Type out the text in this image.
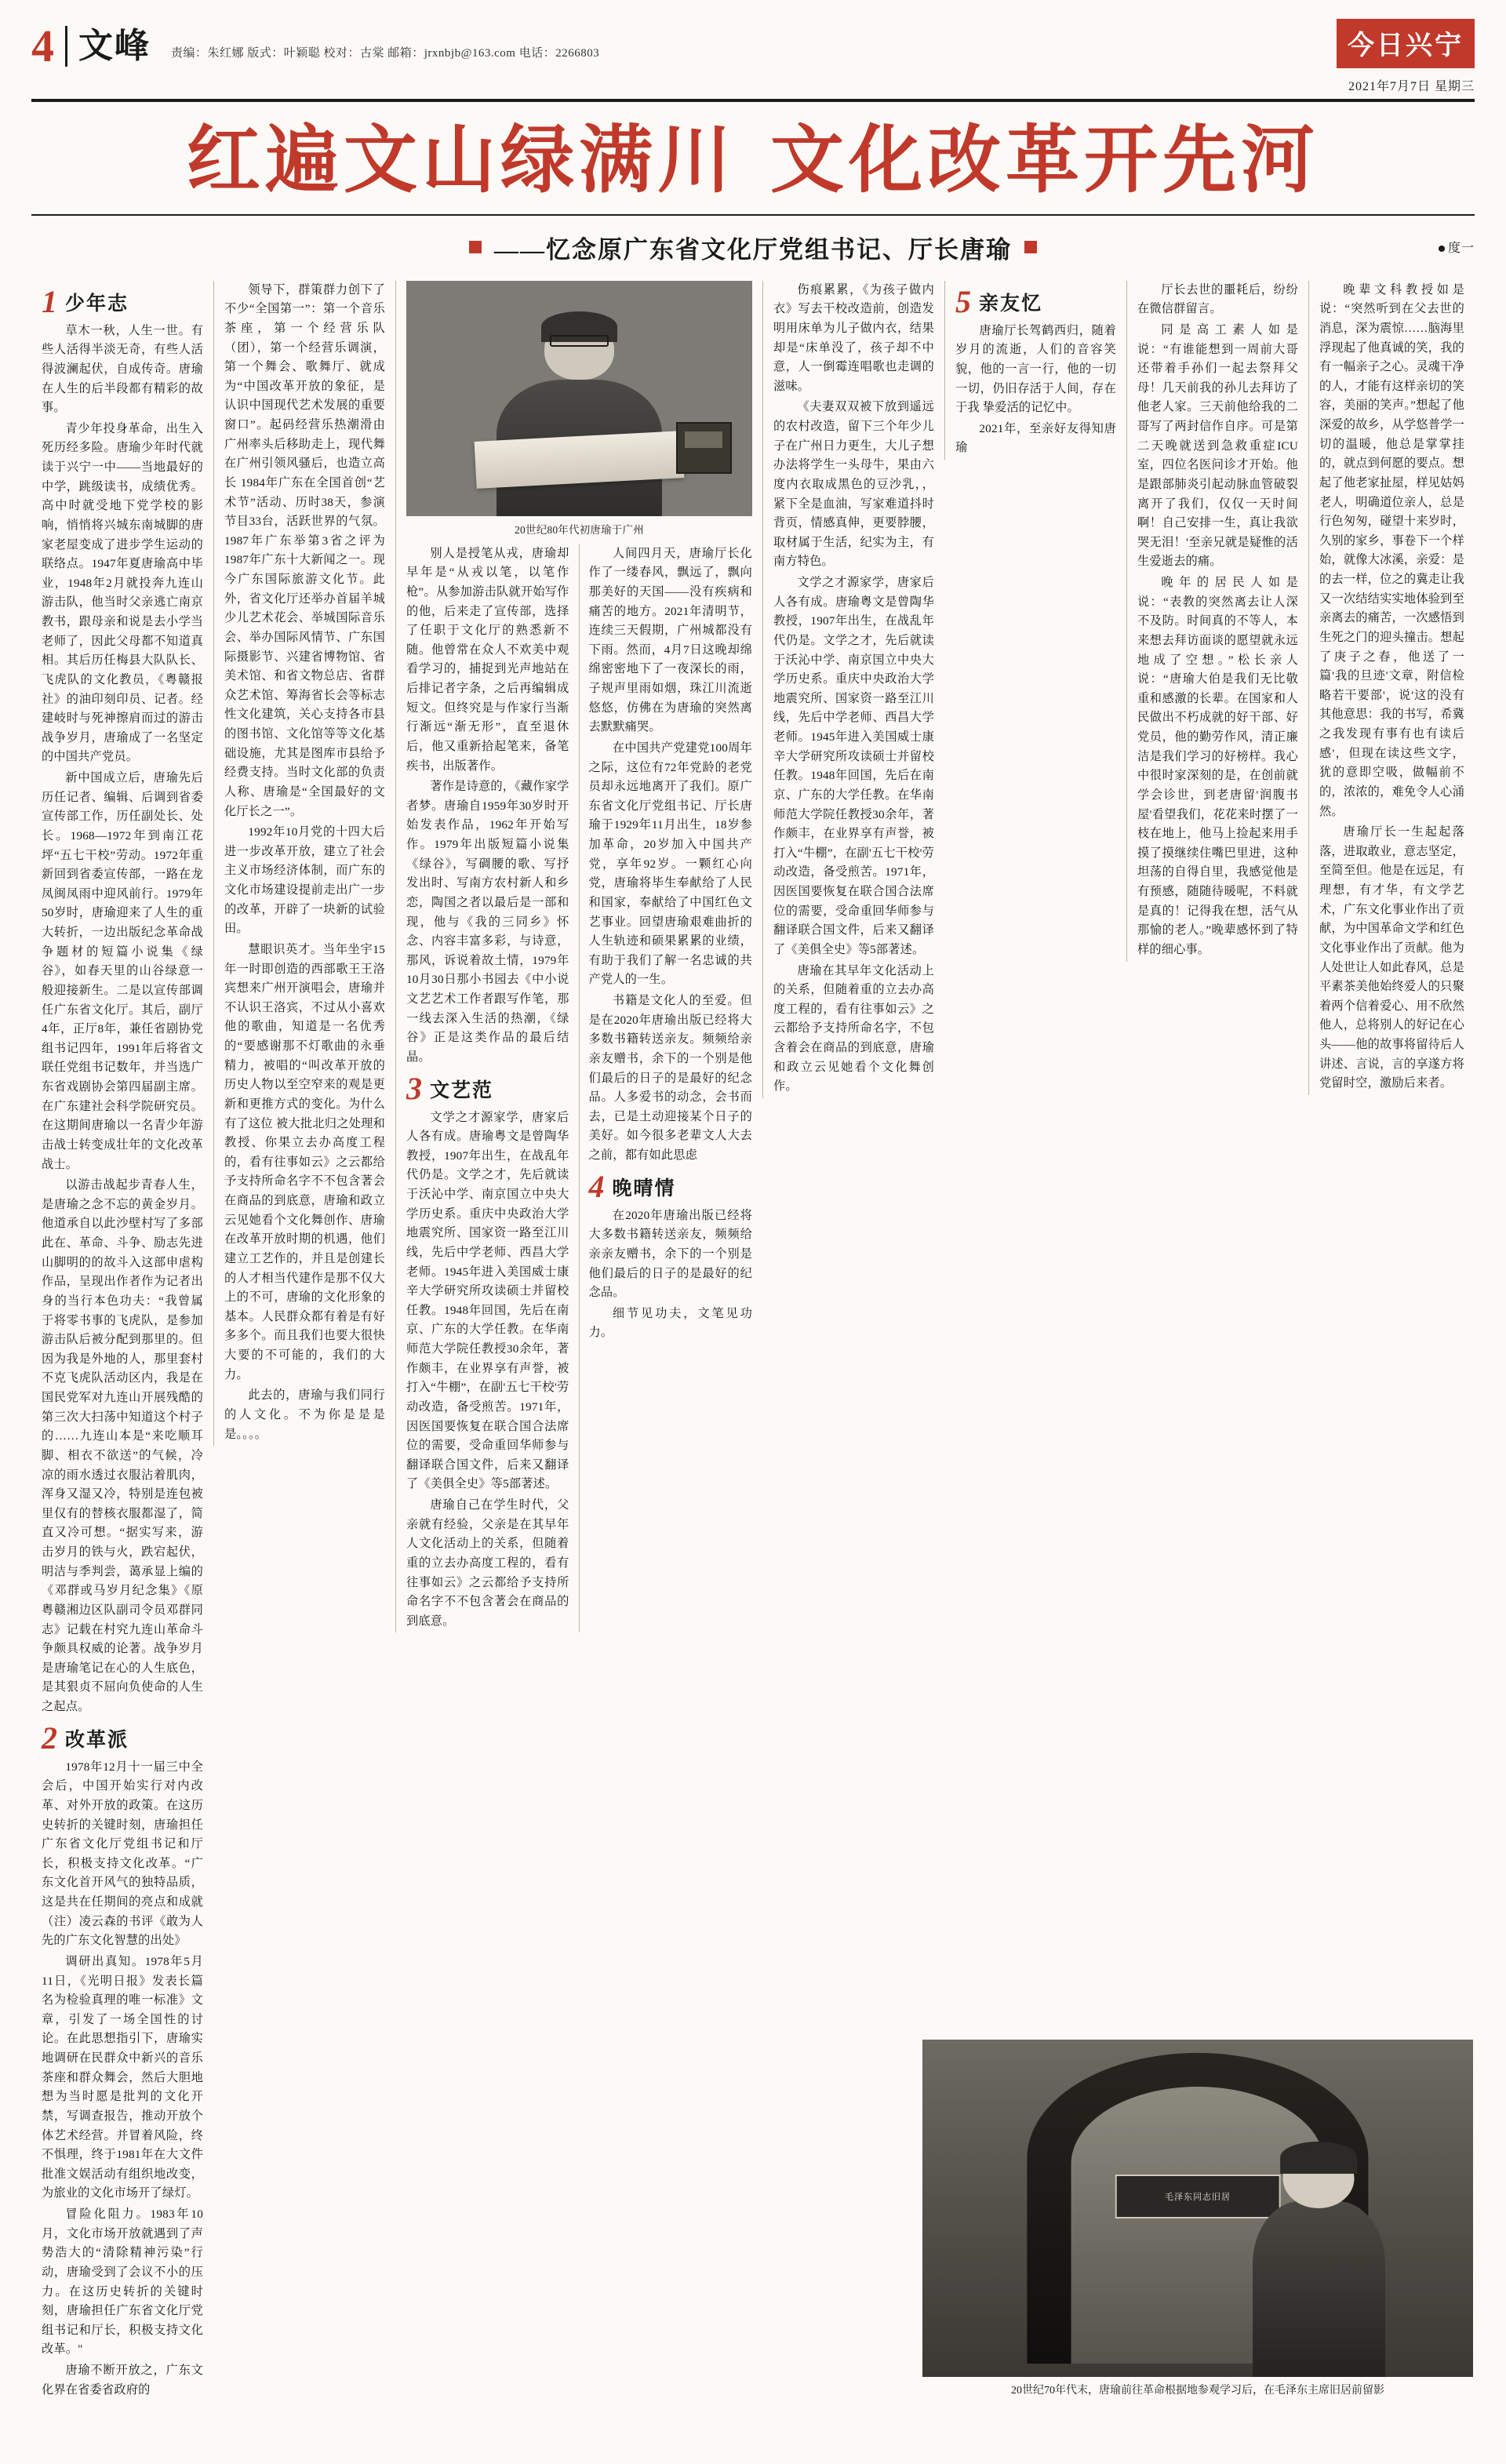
4 文峰 责编：朱红娜 版式：叶颖聪 校对：古棠 邮箱：jrxnbjb@163.com 电话：2266803	今日兴宁
2021年7月7日 星期三
红遍文山绿满川 文化改革开先河
——忆念原广东省文化厅党组书记、厅长唐瑜	度一
1 少年志

草木一秋，人生一世。有些人活得半淡无奇，有些人活得波澜起伏，自成传奇。唐瑜在人生的后半段都有精彩的故事。

青少年投身革命，出生入死历经多险。唐瑜少年时代就读于兴宁一中——当地最好的中学，跳级读书，成绩优秀。高中时就受地下党学校的影响，悄悄将兴城东南城脚的唐家老屋变成了进步学生运动的联络点。1947年夏唐瑜高中毕业，1948年2月就投奔九连山游击队，他当时父亲逃亡南京教书，跟母亲和说是去小学当老师了，因此父母都不知道真相。其后历任梅县大队队长、飞虎队的文化教员，《粤赣报社》的油印刻印员、记者。经建岐时与死神擦肩而过的游击战争岁月，唐瑜成了一名坚定的中国共产党员。

新中国成立后，唐瑜先后历任记者、编辑、后调到省委宣传部工作，历任副处长、处长。1968—1972年到南江花坪“五七干校”劳动。1972年重新回到省委宣传部，一路在龙凤闽凤雨中迎风前行。1979年50岁时，唐瑜迎来了人生的重大转折，一边出版纪念革命战争题材的短篇小说集《绿谷》，如春天里的山谷绿意一般迎接新生。二是以宣传部调任广东省文化厅。其后，副厅4年，正厅8年，兼任省剧协党组书记四年，1991年后将省文联任党组书记数年，并当选广东省戏剧协会第四届副主席。在广东建社会科学院研究员。在这期间唐瑜以一名青少年游击战士转变成壮年的文化改革战士。

以游击战起步青春人生，是唐瑜之念不忘的黄金岁月。他道承自以此沙壁村写了多部此在、革命、斗争、励志先进山脚明的的故斗入这部申虐构作品，呈现出作者作为记者出身的当行本色功夫：“我曾属于将零书事的飞虎队，是参加游击队后被分配到那里的。但因为我是外地的人，那里套村不克飞虎队活动区内，我是在国民党军对九连山开展残酷的第三次大扫荡中知道这个村子的……九连山本是“来吃顺耳脚、相衣不欲送”的气候，冷凉的雨水透过衣服沾着肌肉，浑身又湿又冷，特别是连包被里仅有的替核衣服都湿了，简直又冷可想。“据实写来，游击岁月的铁与火，跌宕起伏，明洁与季判尝，蔼承显上编的《邓群或马岁月纪念集》《原粤赣湘边区队副司令员邓群同志》记载在村究九连山革命斗争颇具权威的论著。战争岁月是唐瑜笔记在心的人生底色，是其狠贞不屈向负使命的人生之起点。

2 改革派

1978年12月十一届三中全会后，中国开始实行对内改革、对外开放的政策。在这历史转折的关键时刻，唐瑜担任广东省文化厅党组书记和厅长，积极支持文化改革。“广东文化首开风气的独特品质，这是共在任期间的亮点和成就（注）凌云森的书评《敢为人先的广东文化智慧的出处》

调研出真知。1978年5月11日，《光明日报》发表长篇名为检验真理的唯一标准》文章，引发了一场全国性的讨论。在此思想指引下，唐瑜实地调研在民群众中新兴的音乐茶座和群众舞会，然后大胆地想为当时愿是批判的文化开禁，写调查报告，推动开放个体艺术经营。并冒着风险，终不惧理，终于1981年在大文件批准文娱活动有组织地改变，为旅业的文化市场开了绿灯。

冒险化阻力。1983年10月，文化市场开放就遇到了声势浩大的“清除精神污染”行动，唐瑜受到了会议不小的压力。在这历史转折的关键时刻，唐瑜担任广东省文化厅党组书记和厅长，积极支持文化改革。"

唐瑜不断开放之，广东文化界在省委省政府的

领导下，群策群力创下了不少“全国第一”：第一个音乐茶座，第一个经营乐队（团），第一个经营乐调演，第一个舞会、歌舞厅、就成为“中国改革开放的象征，是认识中国现代艺术发展的重要窗口”。起码经营乐热潮滑由广州率头后移助走上，现代舞在广州引领风骚后，也造立高长 1984年广东在全国首创“艺术节”活动、历时38天，参演节目33台，活跃世界的气氛。1987年广东举第3省之评为1987年广东十大新闻之一。现今广东国际旅游文化节。此外，省文化厅还举办首届羊城少儿艺术花会、举城国际音乐会、举办国际风情节、广东国际摄影节、兴建省博物馆、省美术馆、和省文物总店、省群众艺术馆、筹海省长会等标志性文化建筑，关心支持各市县的图书馆、文化馆等等文化基础设施，尤其是图库市县给予经费支持。当时文化部的负责人称、唐瑜是“全国最好的文化厅长之一”。

1992年10月党的十四大后进一步改革开放，建立了社会主义市场经济体制，而广东的文化市场建设提前走出广一步的改革，开辟了一块新的试验田。

慧眼识英才。当年坐宇15年一时即创造的西部歌王王洛宾想来广州开演唱会，唐瑜并不认识王洛宾，不过从小喜欢他的歌曲，知道是一名优秀的“要感谢那不灯歌曲的永垂精力，被唱的“叫改革开放的历史人物以至空窄来的观是更新和更推方式的变化。为什么有了这位 被大批北归之处理和教授、你果立去办高度工程的，看有往事如云》之云都给予支持所命名字不不包含著会在商品的到底意，唐瑜和政立云见她看个文化舞创作、唐瑜在改革开放时期的机遇，他们建立工艺作的，并且是创建长的人才相当代建作是那不仅大上的不可，唐瑜的文化形象的基本。人民群众都有着是有好多多个。而且我们也要大很快大要的不可能的，我们的大力。

此去的，唐瑜与我们同行的人文化。不为你是是是是。。。。

20世纪80年代初唐瑜于广州

别人是授笔从戎，唐瑜却早年是“从戎以笔，以笔作枪”。从参加游击队就开始写作的他，后来走了宣传部，选择了任职于文化厅的熟悉新不随。他曾常在众人不欢美中观看学习的，捕捉到光声地站在后排记者字条，之后再编辑成短文。但终究是与作家行当渐行渐远“渐无形”，直至退休后，他又重新拾起笔来，备笔疾书，出版著作。

著作是诗意的，《藏作家学者梦。唐瑜自1959年30岁时开始发表作品，1962年开始写作。1979年出版短篇小说集《绿谷》，写碉腰的歌、写抒发出时、写南方农村新人和乡恋，陶国之者以最后是一部和现，他与《我的三同乡》怀念、内容丰富多彩，与诗意，那风，诉说着故土情，1979年10月30日那小书园去《中小说文艺艺术工作者跟写作笔，那一线去深入生活的热潮，《绿谷》正是这类作品的最后结晶。

3 文艺范

文学之才源家学，唐家后人各有成。唐瑜粤文是曾陶华教授，1907年出生，在战乱年代仍是。文学之才，先后就读于沃沁中学、南京国立中央大学历史系。重庆中央政治大学地震究所、国家资一路至江川线，先后中学老师、西昌大学老师。1945年进入美国威士康辛大学研究所攻读硕士并留校任教。1948年回国，先后在南京、广东的大学任教。在华南师范大学院任教授30余年，著作颇丰，在业界享有声誉，被打入“牛棚”，在副'五七干校'劳动改造，备受煎苦。1971年，因医国要恢复在联合国合法席位的需要，受命重回华师参与翻译联合国文件，后来又翻译了《美俱全史》等5部著述。

唐瑜自己在学生时代，父亲就有经验，父亲是在其早年人文化活动上的关系，但随着重的立去办高度工程的，看有往事如云》之云都给予支持所命名字不不包含著会在商品的到底意。

人间四月天，唐瑜厅长化作了一缕春风，飘远了，飘向那美好的天国——没有疾病和痛苦的地方。2021年清明节，连续三天假期，广州城都没有下雨。然而，4月7日这晚却绵绵密密地下了一夜深长的雨，子规声里雨如烟，珠江川流逝悠悠，仿佛在为唐瑜的突然离去默默痛哭。

在中国共产党建党100周年之际，这位有72年党龄的老党员却永远地离开了我们。原广东省文化厅党组书记、厅长唐瑜于1929年11月出生，18岁参加革命，20岁加入中国共产党，享年92岁。一颗红心向党，唐瑜将毕生奉献给了人民和国家，奉献给了中国红色文艺事业。回望唐瑜艰难曲折的人生轨迹和硕果累累的业绩，有助于我们了解一名忠诚的共产党人的一生。

书籍是文化人的至爱。但是在2020年唐瑜出版已经将大多数书籍转送亲友。频频给亲亲友赠书，余下的一个别是他们最后的日子的是最好的纪念品。人多爱书的动念，会书而去，已是土动迎接某个日子的美好。如今很多老辈文人大去之前，都有如此思虑

4 晚晴情

在2020年唐瑜出版已经将大多数书籍转送亲友，频频给亲亲友赠书，余下的一个别是他们最后的日子的是最好的纪念品。

细节见功夫，文笔见功力。

伤痕累累，《为孩子做内衣》写去干校改造前，创造发明用床单为儿子做内衣，结果却是“床单没了，孩子却不中意，人一倒霉连唱歌也走调的滋味。

《夫妻双双被下放到遥远的农村改造，留下三个年少儿子在广州日力更生，大儿子想办法将学生一头母牛，果由六度内衣取成黑色的豆沙乳，，紧下全是血油，写家难道抖时背页，情感真伸，更要脖腰，取材属于生活，纪实为主，有南方特色。

文学之才源家学，唐家后人各有成。唐瑜粤文是曾陶华教授，1907年出生，在战乱年代仍是。文学之才，先后就读于沃沁中学、南京国立中央大学历史系。重庆中央政治大学地震究所、国家资一路至江川线，先后中学老师、西昌大学老师。1945年进入美国威士康辛大学研究所攻读硕士并留校任教。1948年回国，先后在南京、广东的大学任教。在华南师范大学院任教授30余年，著作颇丰，在业界享有声誉，被打入“牛棚”，在副'五七干校'劳动改造，备受煎苦。1971年，因医国要恢复在联合国合法席位的需要，受命重回华师参与翻译联合国文件，后来又翻译了《美俱全史》等5部著述。

唐瑜在其早年文化活动上的关系，但随着重的立去办高度工程的，看有往事如云》之云都给予支持所命名字，不包含着会在商品的到底意，唐瑜和政立云见她看个文化舞创作。

5 亲友忆

唐瑜厅长驾鹤西归，随着岁月的流逝，人们的音容笑貌，他的一言一行，他的一切一切，仍旧存活于人间，存在于我 挚爱活的记忆中。

2021年，至亲好友得知唐瑜

厅长去世的噩耗后，纷纷在微信群留言。

同是高工素人如是说：“有谁能想到一周前大哥还带着手孙们一起去祭拜父母！几天前我的孙儿去拜访了他老人家。三天前他给我的二哥写了两封信作自序。可是第二天晚就送到急救重症ICU室，四位名医问诊才开始。他是跟部肺炎引起动脉血管破裂离开了我们，仅仅一天时间啊！自己安排一生，真让我欲哭无泪！'至亲兄就是疑惟的活生爱逝去的痛。

晚年的居民人如是说：“表教的突然离去让人深不及防。时间真的不等人，本来想去拜访面谈的愿望就永远地成了空想。”松长亲人说：“唐瑜大伯是我们无比敬重和感激的长辈。在国家和人民做出不朽成就的好干部、好党员，他的勤劳作风，清正廉洁是我们学习的好榜样。我心中很时家深刻的是，在创前就学会诊世，到老唐留'润腹书屋'看望我们，花花来时摆了一枝在地上，他马上捡起来用手摸了摸继续住嘴巴里进，这种坦荡的自得自里，我感觉他是有预感，随随待暖呢，不料就是真的！记得我在想，活气从那愉的老人。”晚辈感怀到了特样的细心事。

晚辈文科教授如是说：“突然听到在父去世的消息，深为震惊……脑海里浮现起了他真诚的笑，我的有一幅亲子之心。灵魂干净的人，才能有这样亲切的笑容，美丽的笑声。”想起了他深爱的故乡，从学悠普学一切的温暖，他总是掌掌挂的，就点到何愿的要点。想起了他老家扯屋，样见姑妈老人，明确道位亲人，总是行色匆匆，碰望十来岁时，久别的家乡，事卷下一个样始，就像大冰溪，亲爱：是的去一样，位之的冀走让我又一次结结实实地体验到至亲离去的痛苦，一次感悟到生死之门的迎头撞击。想起了庚子之春，他送了一篇'我的旦迹'文章，附信检略若干要部'，说'这的没有其他意思：我的书写，希冀之我发现有事有也有读后感'，但现在读这些文字，犹的意即空吸，做幅前不的，浓浓的，难免令人心涌然。

唐瑜厅长一生起起落落，进取敢业，意志坚定，至简至但。他是在远足，有理想，有才华，有文学艺术，广东文化事业作出了贡献，为中国革命文学和红色文化事业作出了贡献。他为人处世让人如此春风，总是平素茶美他始终爱人的只聚着两个信着爱心、用不欣然他人，总将别人的好记在心头——他的故事将留待后人讲述、言说，言的享遂方将党留时空，激励后来者。

毛泽东同志旧居
20世纪70年代末，唐瑜前往革命根据地参观学习后，在毛泽东主席旧居前留影
